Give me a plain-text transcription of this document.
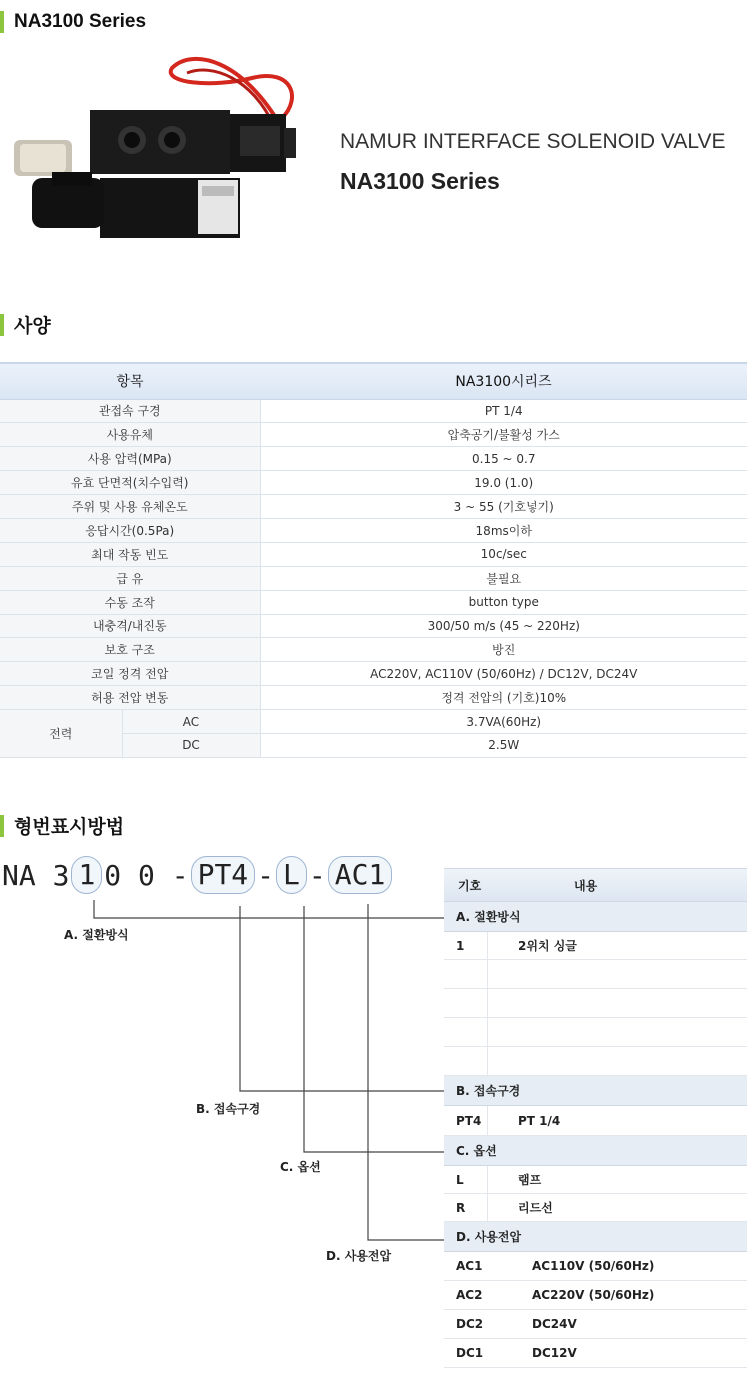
NA3100 Series
NAMUR INTERFACE SOLENOID VALVE
NA3100 Series
사양
항목		NA3100시리즈
관접속 구경		PT 1/4
사용유체		압축공기/불활성 가스
사용 압력(MPa)		0.15 ~ 0.7
유효 단면적(치수입력)		19.0 (1.0)
주위 및 사용 유체온도		3 ~ 55 (기호넣기)
응답시간(0.5Pa)		18ms이하
최대 작동 빈도		10c/sec
급 유		불필요
수동 조작		button type
내충격/내진동		300/50 m/s (45 ~ 220Hz)
보호 구조		방진
코일 정격 전압		AC220V, AC110V (50/60Hz) / DC12V, DC24V
허용 전압 변동		정격 전압의 (기호)10%
전력	AC	3.7VA(60Hz)
	DC	2.5W
형번표시방법
NA 3 1 0 0 - PT4 - L - AC1
A. 절환방식
B. 접속구경
C. 옵션
D. 사용전압
기호	내용
A. 절환방식
1	2위치 싱글
B. 접속구경
PT4	PT 1/4
C. 옵션
L	램프
R	리드선
D. 사용전압
AC1	AC110V (50/60Hz)
AC2	AC220V (50/60Hz)
DC2	DC24V
DC1	DC12V
